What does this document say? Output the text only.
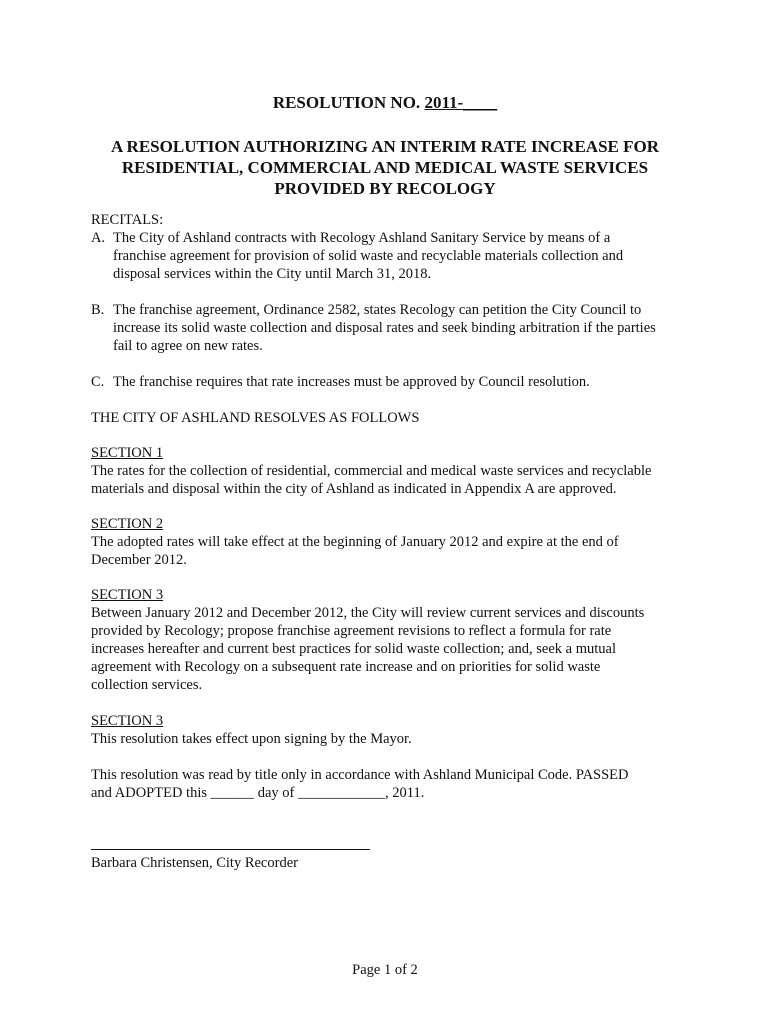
RESOLUTION NO. 2011-____
A RESOLUTION AUTHORIZING AN INTERIM RATE INCREASE FOR
RESIDENTIAL, COMMERCIAL AND MEDICAL WASTE SERVICES
PROVIDED BY RECOLOGY
RECITALS:
A. The City of Ashland contracts with Recology Ashland Sanitary Service by means of a
franchise agreement for provision of solid waste and recyclable materials collection and
disposal services within the City until March 31, 2018.
B. The franchise agreement, Ordinance 2582, states Recology can petition the City Council to
increase its solid waste collection and disposal rates and seek binding arbitration if the parties
fail to agree on new rates.
C. The franchise requires that rate increases must be approved by Council resolution.
THE CITY OF ASHLAND RESOLVES AS FOLLOWS
SECTION 1
The rates for the collection of residential, commercial and medical waste services and recyclable
materials and disposal within the city of Ashland as indicated in Appendix A are approved.
SECTION 2
The adopted rates will take effect at the beginning of January 2012 and expire at the end of
December 2012.
SECTION 3
Between January 2012 and December 2012, the City will review current services and discounts
provided by Recology; propose franchise agreement revisions to reflect a formula for rate
increases hereafter and current best practices for solid waste collection; and, seek a mutual
agreement with Recology on a subsequent rate increase and on priorities for solid waste
collection services.
SECTION 3
This resolution takes effect upon signing by the Mayor.
This resolution was read by title only in accordance with Ashland Municipal Code. PASSED
and ADOPTED this ______ day of ____________, 2011.
Barbara Christensen, City Recorder
Page 1 of 2
